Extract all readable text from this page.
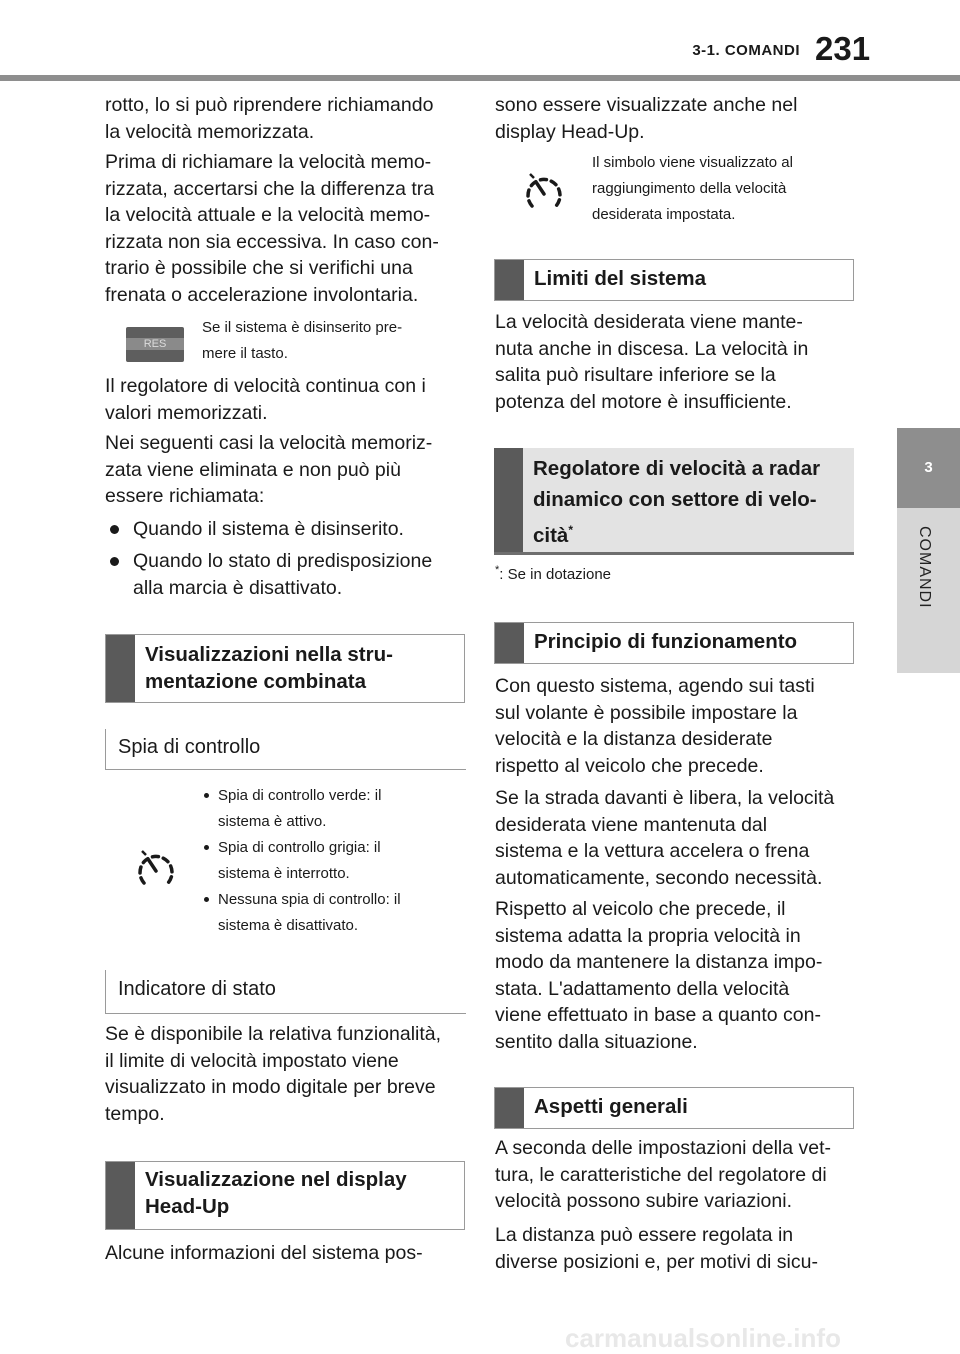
3-1. COMANDI 231
3
COMANDI

rotto, lo si può riprendere richiamando

la velocità memorizzata.

Prima di richiamare la velocità memo-

rizzata, accertarsi che la differenza tra

la velocità attuale e la velocità memo-

rizzata non sia eccessiva. In caso con-

trario è possibile che si verifichi una

frenata o accelerazione involontaria.

RES
Se il sistema è disinserito pre-
mere il tasto.

Il regolatore di velocità continua con i

valori memorizzati.

Nei seguenti casi la velocità memoriz-

zata viene eliminata e non può più

essere richiamata:

Quando il sistema è disinserito.
Quando lo stato di predisposizione
alla marcia è disattivato.
Visualizzazioni nella stru-
mentazione combinata
Spia di controllo
Spia di controllo verde: il
sistema è attivo.
Spia di controllo grigia: il
sistema è interrotto.
Nessuna spia di controllo: il
sistema è disattivato.
Indicatore di stato

Se è disponibile la relativa funzionalità,

il limite di velocità impostato viene

visualizzato in modo digitale per breve

tempo.

Visualizzazione nel display
Head-Up

Alcune informazioni del sistema pos-

sono essere visualizzate anche nel

display Head-Up.

Il simbolo viene visualizzato al
raggiungimento della velocità
desiderata impostata.
Limiti del sistema

La velocità desiderata viene mante-

nuta anche in discesa. La velocità in

salita può risultare inferiore se la

potenza del motore è insufficiente.

Regolatore di velocità a radar
dinamico con settore di velo-
cità*
*: Se in dotazione
Principio di funzionamento

Con questo sistema, agendo sui tasti

sul volante è possibile impostare la

velocità e la distanza desiderate

rispetto al veicolo che precede.

Se la strada davanti è libera, la velocità

desiderata viene mantenuta dal

sistema e la vettura accelera o frena

automaticamente, secondo necessità.

Rispetto al veicolo che precede, il

sistema adatta la propria velocità in

modo da mantenere la distanza impo-

stata. L'adattamento della velocità

viene effettuato in base a quanto con-

sentito dalla situazione.

Aspetti generali

A seconda delle impostazioni della vet-

tura, le caratteristiche del regolatore di

velocità possono subire variazioni.

La distanza può essere regolata in

diverse posizioni e, per motivi di sicu-

carmanualsonline.info
